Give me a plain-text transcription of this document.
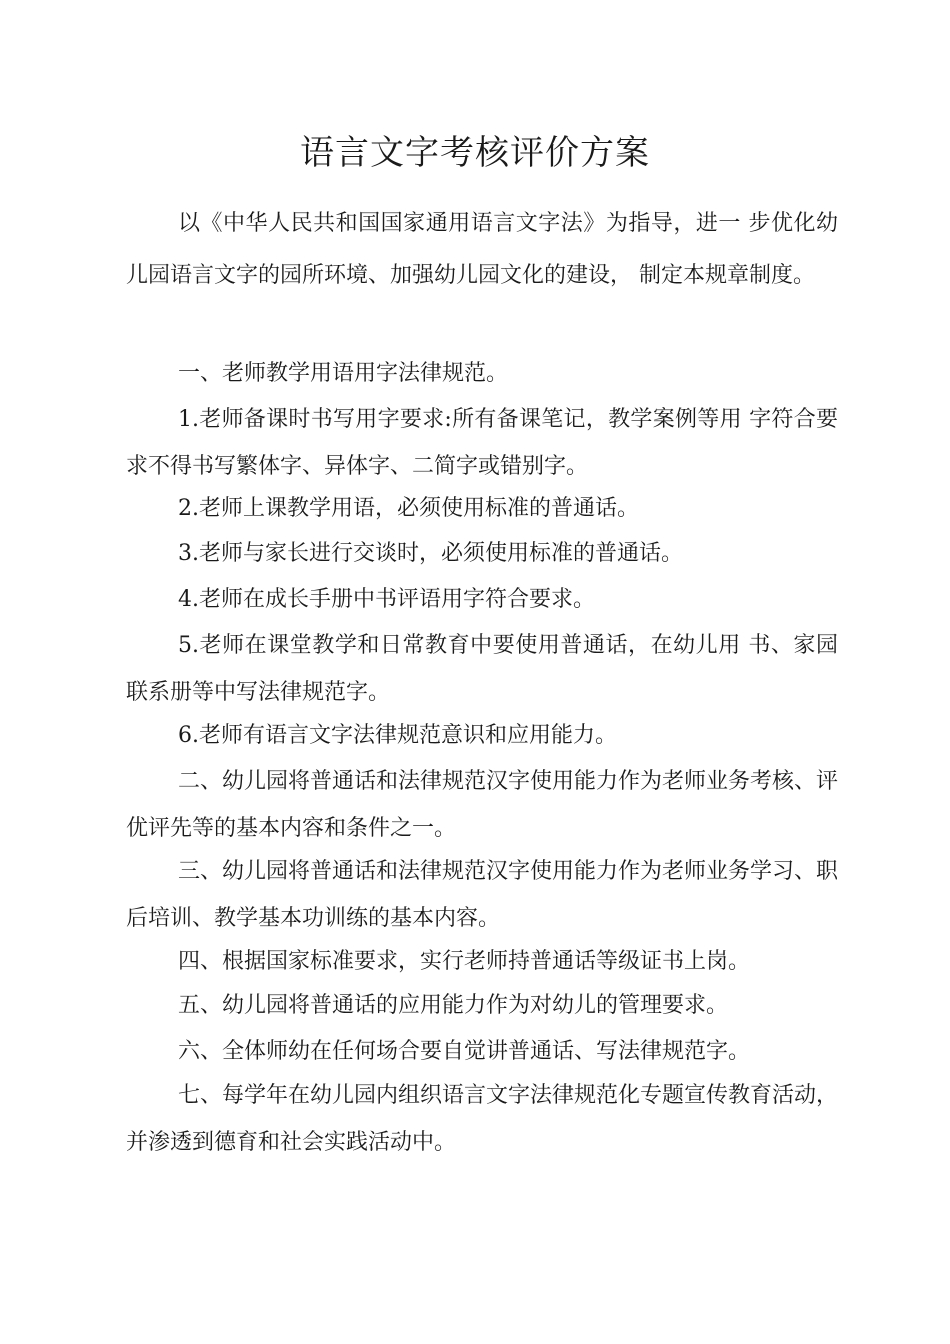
语言文字考核评价方案

以《中华人民共和国国家通用语言文字法》为指导，进一 步优化幼儿园语言文字的园所环境、加强幼儿园文化的建设， 制定本规章制度。

一、老师教学用语用字法律规范。

1.老师备课时书写用字要求:所有备课笔记，教学案例等用 字符合要求不得书写繁体字、异体字、二简字或错别字。

2.老师上课教学用语，必须使用标准的普通话。

3.老师与家长进行交谈时，必须使用标准的普通话。

4.老师在成长手册中书评语用字符合要求。

5.老师在课堂教学和日常教育中要使用普通话，在幼儿用 书、家园联系册等中写法律规范字。

6.老师有语言文字法律规范意识和应用能力。

二、幼儿园将普通话和法律规范汉字使用能力作为老师业务考核、评优评先等的基本内容和条件之一。

三、幼儿园将普通话和法律规范汉字使用能力作为老师业务学习、职后培训、教学基本功训练的基本内容。

四、根据国家标准要求，实行老师持普通话等级证书上岗。

五、幼儿园将普通话的应用能力作为对幼儿的管理要求。

六、全体师幼在任何场合要自觉讲普通话、写法律规范字。

七、每学年在幼儿园内组织语言文字法律规范化专题宣传教育活动，并渗透到德育和社会实践活动中。
